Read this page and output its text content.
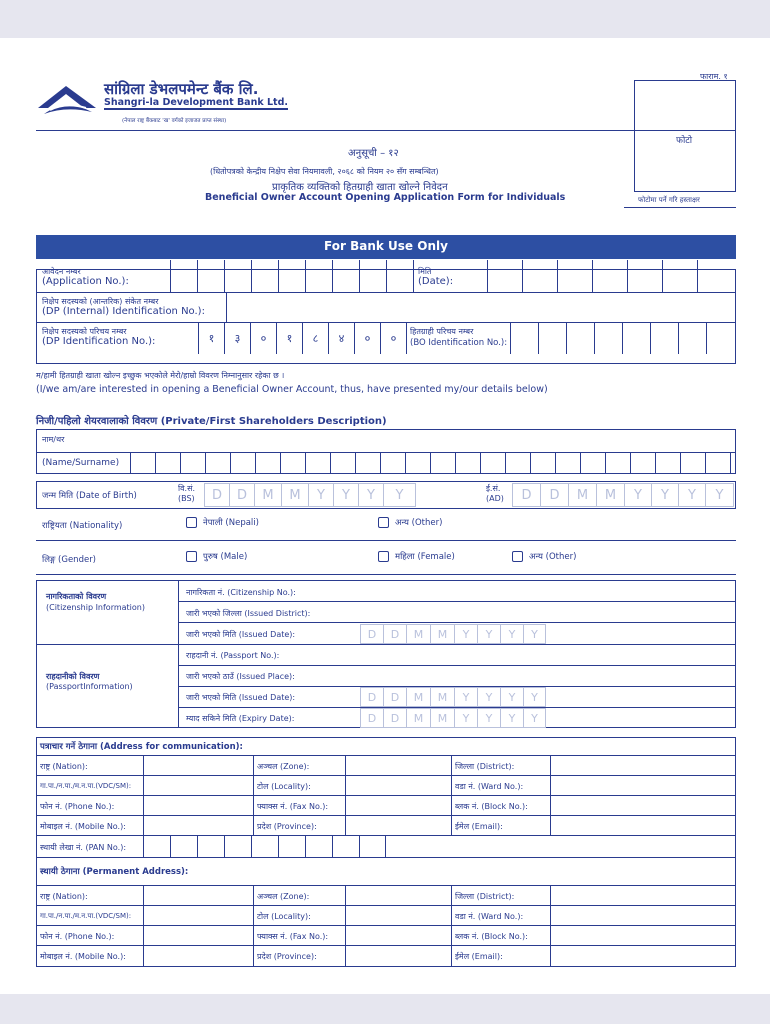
सांग्रिला डेभलपमेन्ट बैंक लि.
Shangri-la Development Bank Ltd.
(नेपाल राष्ट्र बैंकबाट 'ख' वर्गको इजाजत प्राप्त संस्था)
फाराम. १
फोटो
फोटोमा पर्ने गरि हस्ताक्षर
अनुसूची – १२
(धितोपत्रको केन्द्रीय निक्षेप सेवा नियमावली, २०६८ को नियम २० सँग सम्बन्धित)
प्राकृतिक व्यक्तिको हितग्राही खाता खोल्ने निवेदन
Beneficial Owner Account Opening Application Form for Individuals
For Bank Use Only
आवेदन नम्बर
(Application No.):
मिति
(Date):
निक्षेप सदस्यको (आन्तरिक) संकेत नम्बर
(DP (Internal) Identification No.):
निक्षेप सदस्यको परिचय नम्बर
(DP Identification No.):	१	३	०	१	८	४	०	०	हितग्राही परिचय नम्बर
(BO Identification No.):
म/हामी हितग्राही खाता खोल्न इच्छुक भएकोले मेरो/हाम्रो विवरण निम्नानुसार रहेका छ ।
(I/we am/are interested in opening a Beneficial Owner Account, thus, have presented my/our details below)
निजी/पहिलो शेयरवालाको विवरण (Private/First Shareholders Description)
नाम/थर
(Name/Surname)
जन्म मिति (Date of Birth)
वि.सं.
(BS)	D	D	M	M	Y	Y	Y	Y	ई.सं.
(AD)	D	D	M	M	Y	Y	Y	Y
राष्ट्रियता (Nationality)	नेपाली (Nepali)	अन्य (Other)
लिङ्ग (Gender)	पुरुष (Male)	महिला (Female)	अन्य (Other)
नागरिकताको विवरण
(Citizenship Information)
नागरिकता नं. (Citizenship No.):
जारी भएको जिल्ला (Issued District):
जारी भएको मिति (Issued Date):	D	D	M	M	Y	Y	Y	Y
राहदानीको विवरण
(PassportInformation)
राहदानी नं. (Passport No.):
जारी भएको ठाउँ (Issued Place):
जारी भएको मिति (Issued Date):	D	D	M	M	Y	Y	Y	Y
म्याद सकिने मिति (Expiry Date):	D	D	M	M	Y	Y	Y	Y
पत्राचार गर्ने ठेगाना (Address for communication):
राष्ट्र (Nation):	अञ्चल (Zone):	जिल्ला (District):
गा.पा./न.पा./म.न.पा.(VDC/SM):	टोल (Locality):	वडा नं. (Ward No.):
फोन नं. (Phone No.):	फ्याक्स नं. (Fax No.):	ब्लक नं. (Block No.):
मोबाइल नं. (Mobile No.):	प्रदेश (Province):	ईमेल (Email):
स्थायी लेखा नं. (PAN No.):
स्थायी ठेगाना (Permanent Address):
राष्ट्र (Nation):	अञ्चल (Zone):	जिल्ला (District):
गा.पा./न.पा./म.न.पा.(VDC/SM):	टोल (Locality):	वडा नं. (Ward No.):
फोन नं. (Phone No.):	फ्याक्स नं. (Fax No.):	ब्लक नं. (Block No.):
मोबाइल नं. (Mobile No.):	प्रदेश (Province):	ईमेल (Email):
